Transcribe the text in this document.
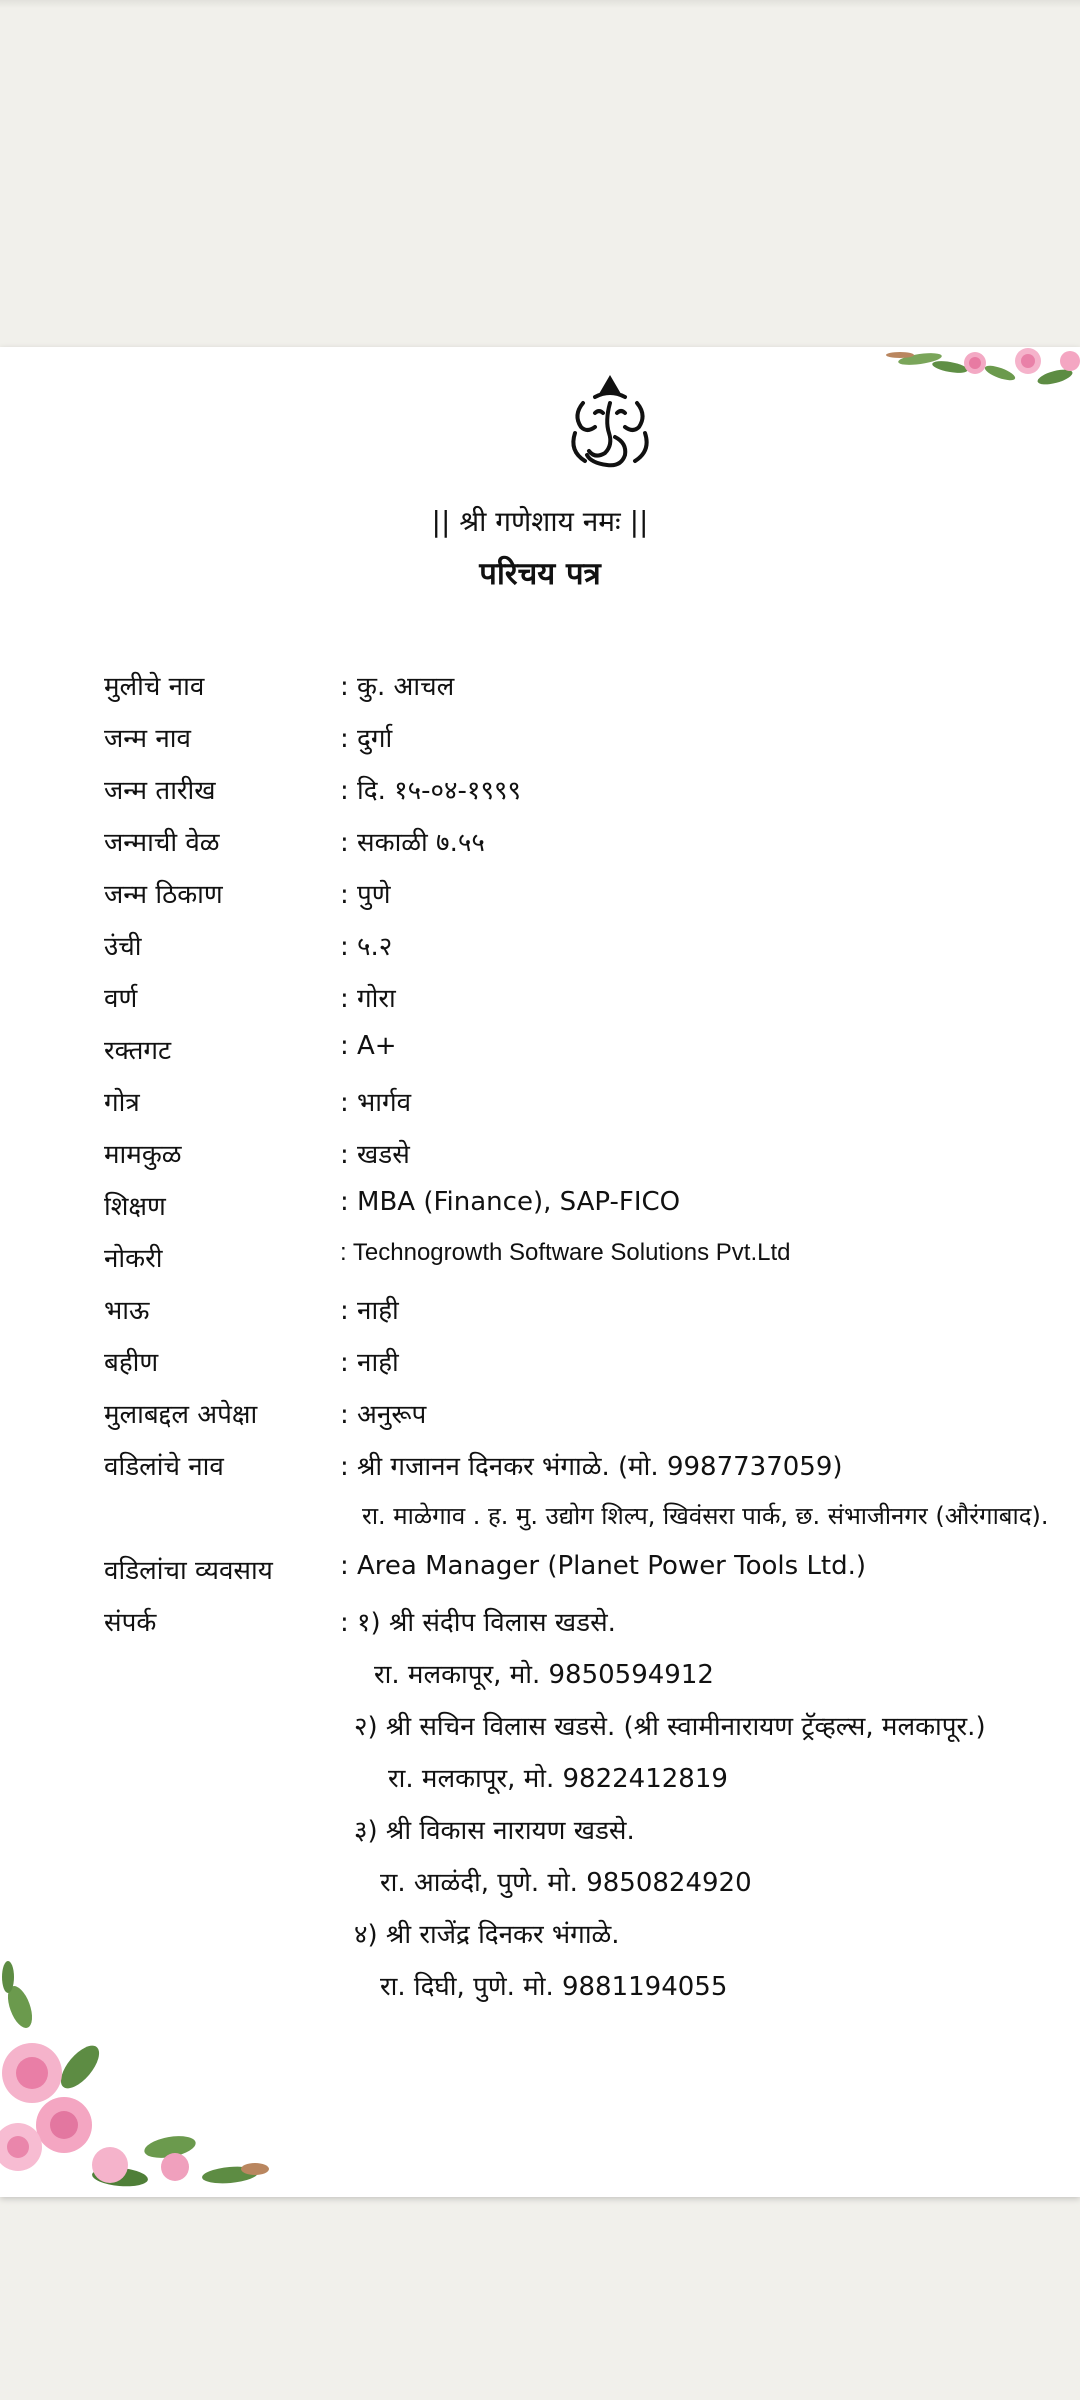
|| श्री गणेशाय नमः ||
परिचय पत्र
मुलीचे नाव	: कु. आचल
जन्म नाव	: दुर्गा
जन्म तारीख	: दि. १५-०४-१९९९
जन्माची वेळ	: सकाळी ७.५५
जन्म ठिकाण	: पुणे
उंची	: ५.२
वर्ण	: गोरा
रक्तगट	: A+
गोत्र	: भार्गव
मामकुळ	: खडसे
शिक्षण	: MBA (Finance), SAP-FICO
नोकरी	: Technogrowth Software Solutions Pvt.Ltd
भाऊ	: नाही
बहीण	: नाही
मुलाबद्दल अपेक्षा	: अनुरूप
वडिलांचे नाव	: श्री गजानन दिनकर भंगाळे. (मो. 9987737059)
रा. माळेगाव . ह. मु. उद्योग शिल्प, खिवंसरा पार्क, छ. संभाजीनगर (औरंगाबाद).
वडिलांचा व्यवसाय	: Area Manager (Planet Power Tools Ltd.)
संपर्क	: १) श्री संदीप विलास खडसे.
रा. मलकापूर, मो. 9850594912
२) श्री सचिन विलास खडसे. (श्री स्वामीनारायण ट्रॅव्हल्स, मलकापूर.)
रा. मलकापूर, मो. 9822412819
३) श्री विकास नारायण खडसे.
रा. आळंदी, पुणे. मो. 9850824920
४) श्री राजेंद्र दिनकर भंगाळे.
रा. दिघी, पुणे. मो. 9881194055
